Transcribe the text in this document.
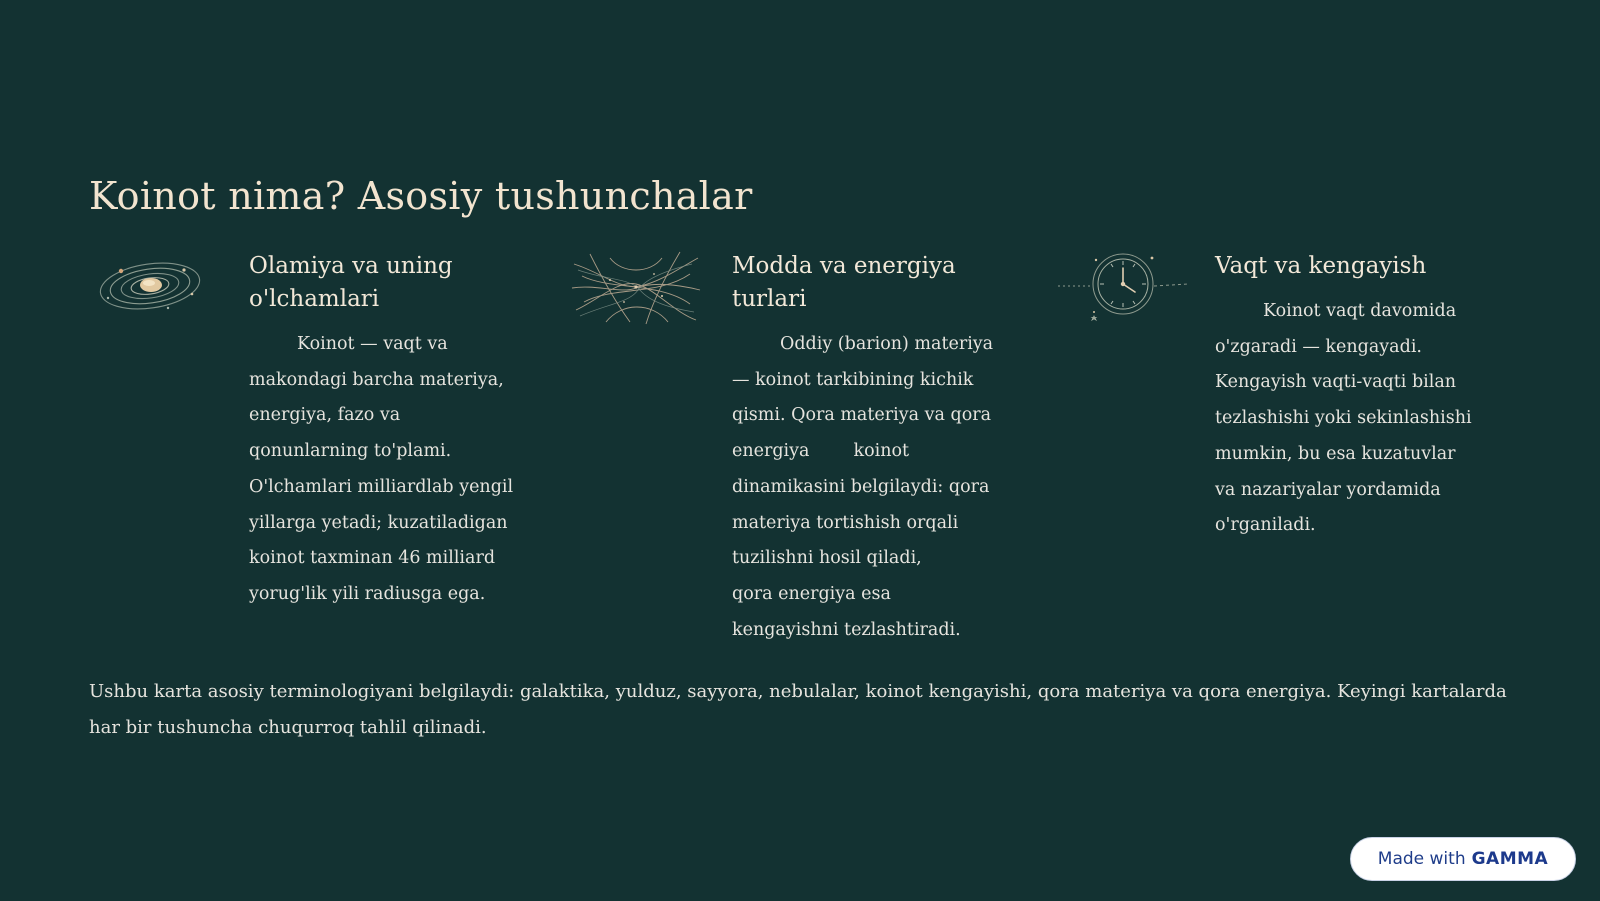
Koinot nima? Asosiy tushunchalar
Olamiya va uning
o'lchamlari

Koinot — vaqt va
makondagi barcha materiya,
energiya, fazo va
qonunlarning to'plami.
O'lchamlari milliardlab yengil
yillarga yetadi; kuzatiladigan
koinot taxminan 46 milliard
yorug'lik yili radiusga ega.

Modda va energiya
turlari

Oddiy (barion) materiya
— koinot tarkibining kichik
qismi. Qora materiya va qora
energiya	koinot
dinamikasini belgilaydi: qora
materiya tortishish orqali
tuzilishni hosil qiladi,
qora energiya esa
kengayishni tezlashtiradi.

Vaqt va kengayish

Koinot vaqt davomida
o'zgaradi — kengayadi.
Kengayish vaqti-vaqti bilan
tezlashishi yoki sekinlashishi
mumkin, bu esa kuzatuvlar
va nazariyalar yordamida
o'rganiladi.

Ushbu karta asosiy terminologiyani belgilaydi: galaktika, yulduz, sayyora, nebulalar, koinot kengayishi, qora materiya va qora energiya. Keyingi kartalarda har bir tushuncha chuqurroq tahlil qilinadi.

Made with GAMMA
